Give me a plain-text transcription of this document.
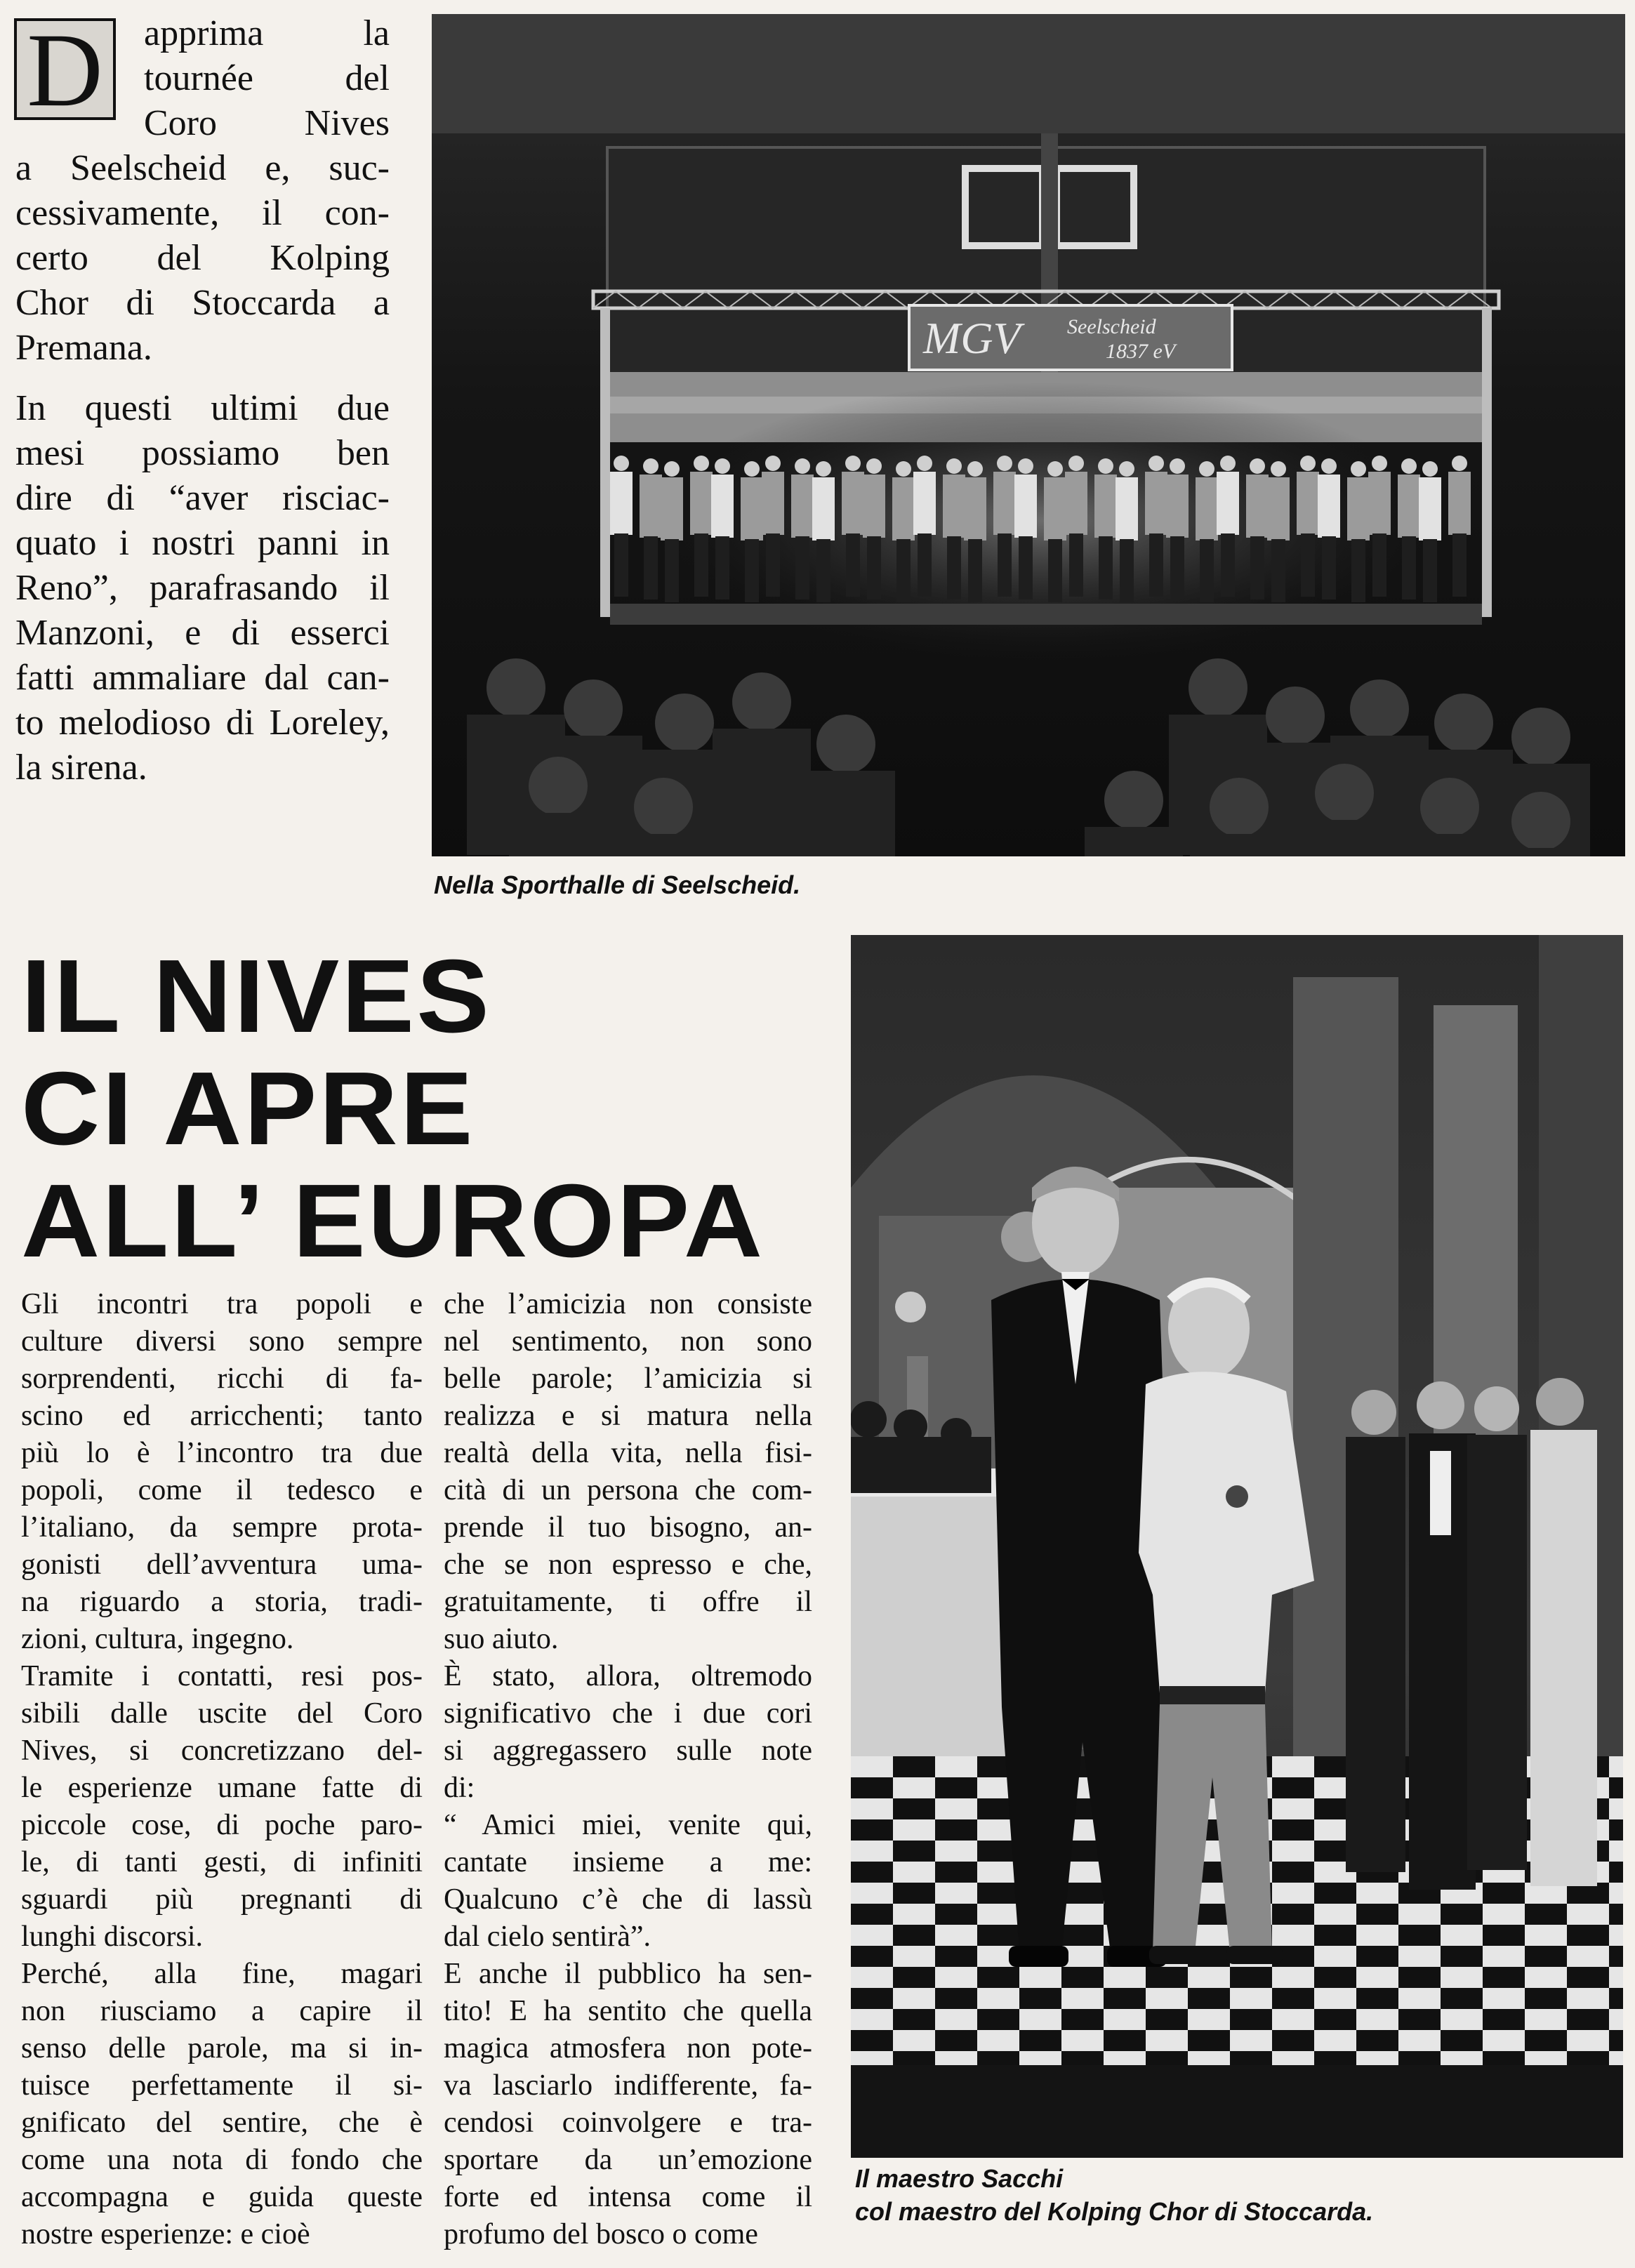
D	apprima la
tournée del
Coro Nives
a Seelscheid e, suc-
cessivamente, il con-
certo del Kolping
Chor di Stoccarda a
Premana.
In questi ultimi due
mesi possiamo ben
dire di “aver risciac-
quato i nostri panni in
Reno”, parafrasando il
Manzoni, e di esserci
fatti ammaliare dal can-
to melodioso di Loreley,
la sirena.
MGV Seelscheid
1837 eV
Nella Sporthalle di Seelscheid.
IL NIVES
CI APRE
ALL’ EUROPA
Gli incontri tra popoli e
culture diversi sono sempre
sorprendenti, ricchi di fa-
scino ed arricchenti; tanto
più lo è l’incontro tra due
popoli, come il tedesco e
l’italiano, da sempre prota-
gonisti dell’avventura uma-
na riguardo a storia, tradi-
zioni, cultura, ingegno.
Tramite i contatti, resi pos-
sibili dalle uscite del Coro
Nives, si concretizzano del-
le esperienze umane fatte di
piccole cose, di poche paro-
le, di tanti gesti, di infiniti
sguardi più pregnanti di
lunghi discorsi.
Perché, alla fine, magari
non riusciamo a capire il
senso delle parole, ma si in-
tuisce perfettamente il si-
gnificato del sentire, che è
come una nota di fondo che
accompagna e guida queste
nostre esperienze: e cioè
che l’amicizia non consiste
nel sentimento, non sono
belle parole; l’amicizia si
realizza e si matura nella
realtà della vita, nella fisi-
cità di un persona che com-
prende il tuo bisogno, an-
che se non espresso e che,
gratuitamente, ti offre il
suo aiuto.
È stato, allora, oltremodo
significativo che i due cori
si aggregassero sulle note
di:
“ Amici miei, venite qui,
cantate insieme a me:
Qualcuno c’è che di lassù
dal cielo sentirà”.
E anche il pubblico ha sen-
tito! E ha sentito che quella
magica atmosfera non pote-
va lasciarlo indifferente, fa-
cendosi coinvolgere e tra-
sportare da un’emozione
forte ed intensa come il
profumo del bosco o come
Il maestro Sacchi
col maestro del Kolping Chor di Stoccarda.
